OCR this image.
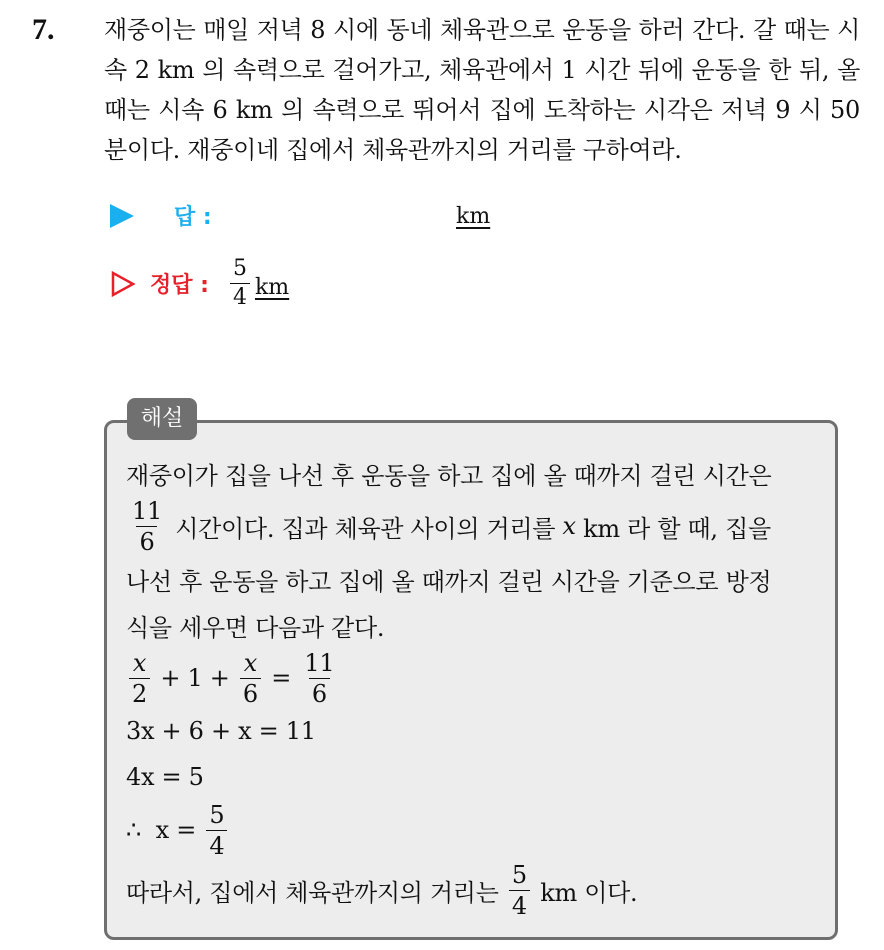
7. 재중이는 매일 저녁 8 시에 동네 체육관으로 운동을 하러 간다. 갈 때는 시속 2 km 의 속력으로 걸어가고, 체육관에서 1 시간 뒤에 운동을 한 뒤, 올 때는 시속 6 km 의 속력으로 뛰어서 집에 도착하는 시각은 저녁 9 시 50 분이다. 재중이네 집에서 체육관까지의 거리를 구하여라.
답 :	km
정답 : $\frac{5}{4}$ km
해설
재중이가 집을 나선 후 운동을 하고 집에 올 때까지 걸린 시간은
$\frac{11}{6}$ 시간이다. 집과 체육관 사이의 거리를 x km 라 할 때, 집을
나선 후 운동을 하고 집에 올 때까지 걸린 시간을 기준으로 방정
식을 세우면 다음과 같다.
$\frac{x}{2} + 1 + \frac{x}{6} = \frac{11}{6}$
3x + 6 + x = 11
4x = 5
∴  $x = \frac{5}{4}$
따라서, 집에서 체육관까지의 거리는 $\frac{5}{4}$ km 이다.
